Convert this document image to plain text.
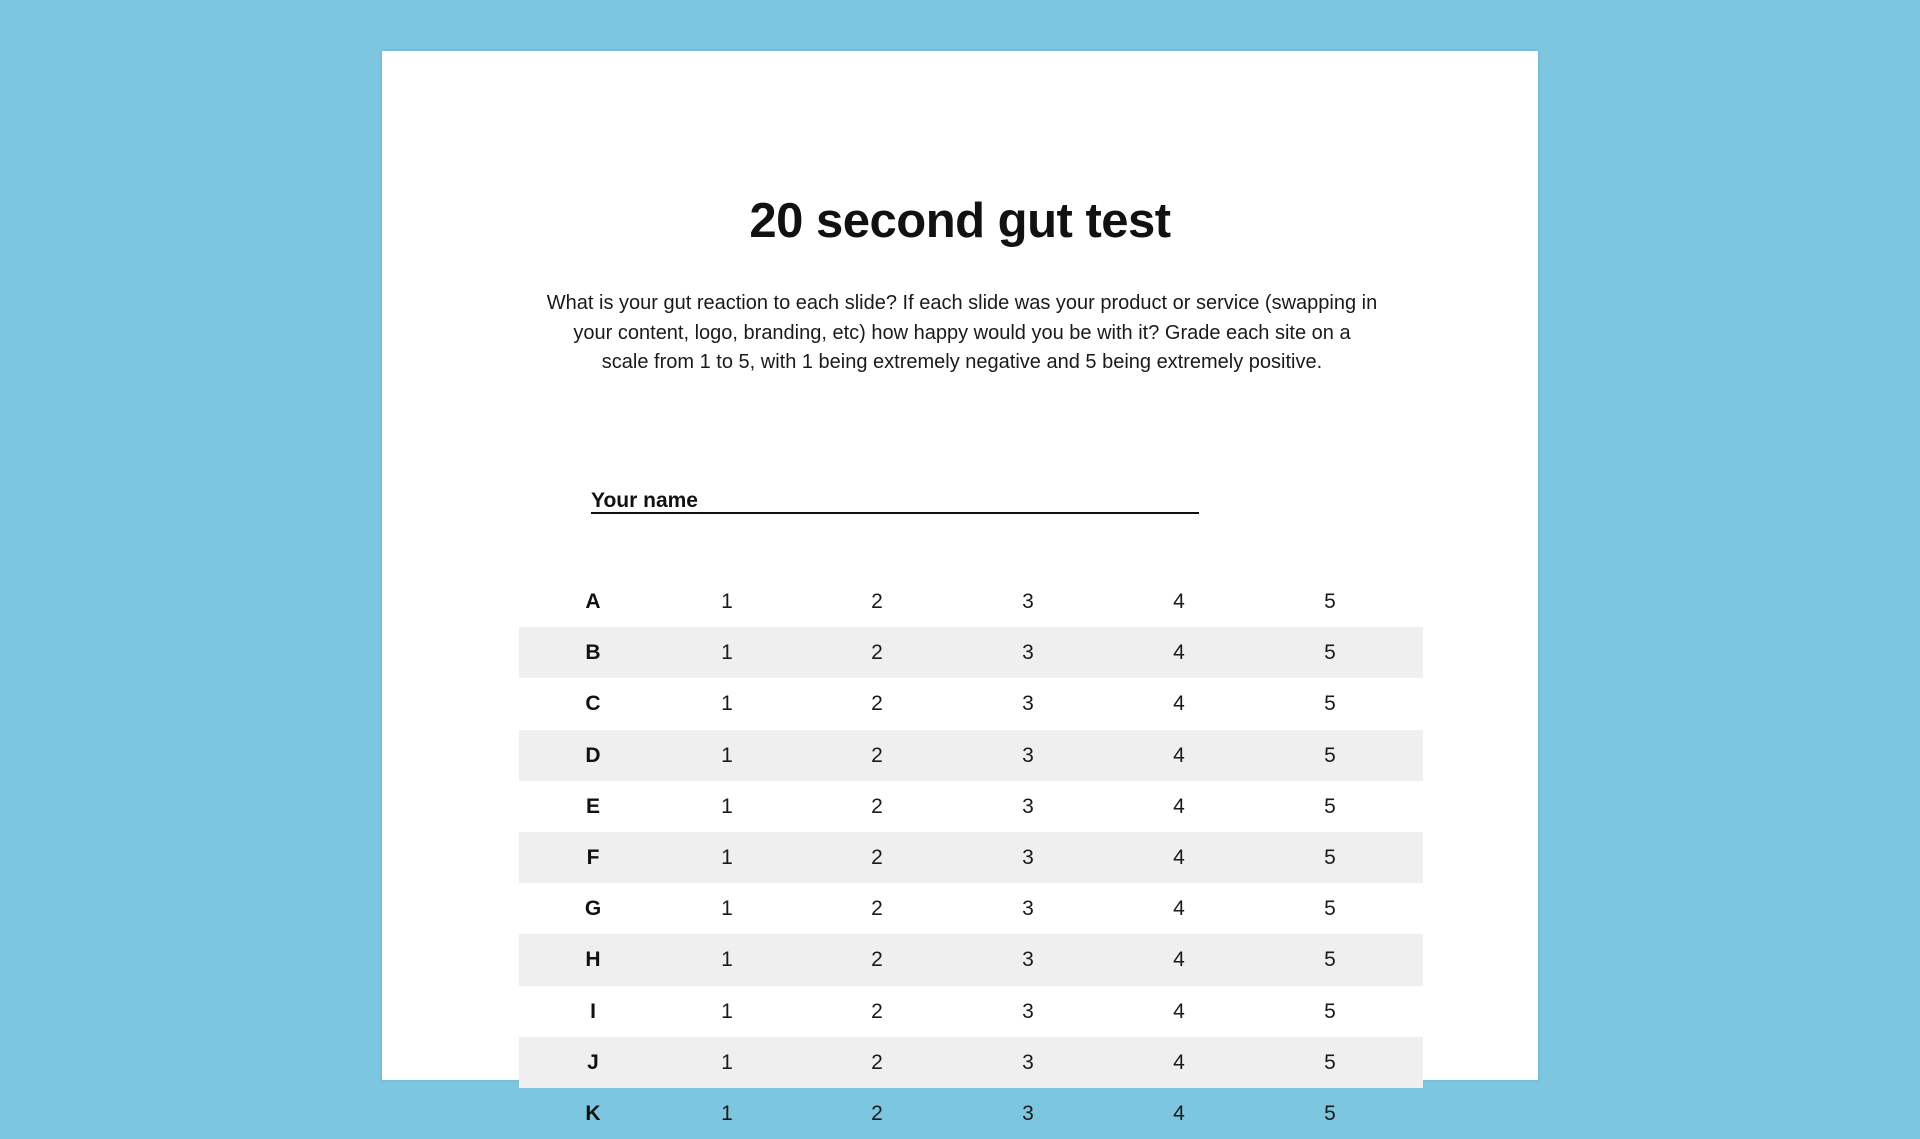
20 second gut test

What is your gut reaction to each slide? If each slide was your product or service (swapping in
your content, logo, branding, etc) how happy would you be with it? Grade each site on a
scale from 1 to 5, with 1 being extremely negative and 5 being extremely positive.

Your name
A	1	2	3	4	5
B	1	2	3	4	5
C	1	2	3	4	5
D	1	2	3	4	5
E	1	2	3	4	5
F	1	2	3	4	5
G	1	2	3	4	5
H	1	2	3	4	5
I	1	2	3	4	5
J	1	2	3	4	5
K	1	2	3	4	5
